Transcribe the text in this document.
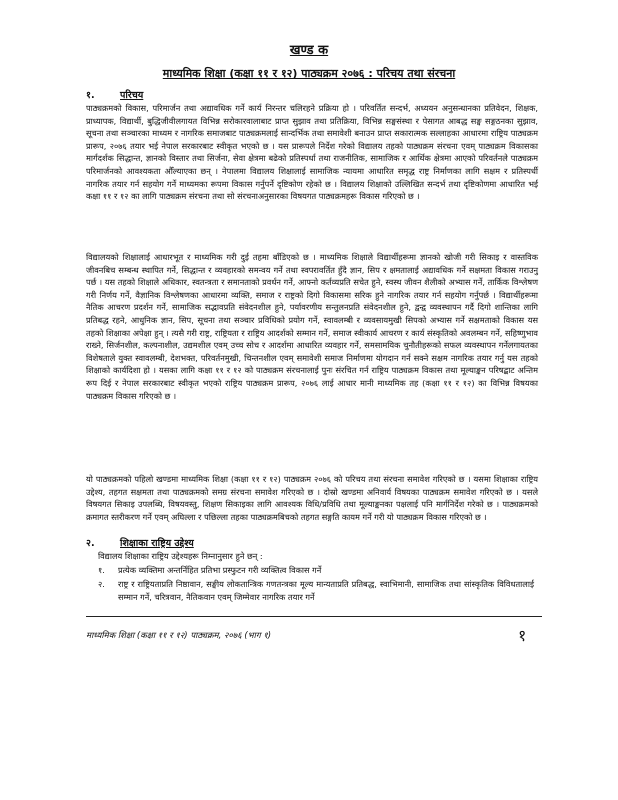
खण्ड क
माध्यमिक शिक्षा (कक्षा ११ र १२) पाठ्यक्रम २०७६ : परिचय तथा संरचना
१.	परिचय

पाठ्यक्रमको विकास, परिमार्जन तथा अद्यावधिक गर्ने कार्य निरन्तर चलिरहने प्रक्रिया हो । परिवर्तित सन्दर्भ, अध्ययन अनुसन्धानका प्रतिवेदन, शिक्षक, प्राध्यापक, विद्यार्थी, बुद्धिजीवीलगायत विभिन्न सरोकारवालाबाट प्राप्त सुझाव तथा प्रतिक्रिया, विभिन्न सङ्घसंस्था र पेसागत आबद्ध सङ्घ सङ्गठनका सुझाव, सूचना तथा सञ्चारका माध्यम र नागरिक समाजबाट पाठ्यक्रमलाई सान्दर्भिक तथा समावेशी बनाउन प्राप्त सकारात्मक सल्लाहका आधारमा राष्ट्रिय पाठ्यक्रम प्रारूप, २०७६ तयार भई नेपाल सरकारबाट स्वीकृत भएको छ । यस प्रारूपले निर्देश गरेको विद्यालय तहको पाठ्यक्रम संरचना एवम् पाठ्यक्रम विकासका मार्गदर्शक सिद्धान्त, ज्ञानको विस्तार तथा सिर्जना, सेवा क्षेत्रमा बढेको प्रतिस्पर्धा तथा राजनीतिक, सामाजिक र आर्थिक क्षेत्रमा आएको परिवर्तनले पाठ्यक्रम परिमार्जनको आवश्यकता औँल्याएका छन् । नेपालमा विद्यालय शिक्षालाई सामाजिक न्यायमा आधारित समृद्ध राष्ट्र निर्माणका लागि सक्षम र प्रतिस्पर्धी नागरिक तयार गर्न सहयोग गर्ने माध्यमका रूपमा विकास गर्नुपर्ने दृष्टिकोण रहेको छ । विद्यालय शिक्षाको उल्लिखित सन्दर्भ तथा दृष्टिकोणमा आधारित भई कक्षा ११ र १२ का लागि पाठ्यक्रम संरचना तथा सो संरचनाअनुसारका विषयगत पाठ्यक्रमहरू विकास गरिएको छ ।

विद्यालयको शिक्षालाई आधारभूत र माध्यमिक गरी दुई तहमा बाँडिएको छ । माध्यमिक शिक्षाले विद्यार्थीहरूमा ज्ञानको खोजी गरी सिकाइ र वास्तविक जीवनबिच सम्बन्ध स्थापित गर्ने, सिद्धान्त र व्यवहारको समन्वय गर्ने तथा स्वपरावर्तित हुँदै ज्ञान, सिप र क्षमतालाई अद्यावधिक गर्ने सक्षमता विकास गराउनु पर्छ । यस तहको शिक्षाले अधिकार, स्वतन्त्रता र समानताको प्रवर्धन गर्ने, आफ्नो कर्तव्यप्रति सचेत हुने, स्वस्थ जीवन शैलीको अभ्यास गर्ने, तार्किक विश्लेषण गरी निर्णय गर्ने, वैज्ञानिक विश्लेषणका आधारमा व्यक्ति, समाज र राष्ट्रको दिगो विकासमा सरिक हुने नागरिक तयार गर्न सहयोग गर्नुपर्छ । विद्यार्थीहरूमा नैतिक आचरण प्रदर्शन गर्ने, सामाजिक सद्भावप्रति संवेदनशील हुने, पर्यावरणीय सन्तुलनप्रति संवेदनशील हुने, द्वन्द्व व्यवस्थापन गर्दै दिगो शान्तिका लागि प्रतिबद्ध रहने, आधुनिक ज्ञान, सिप, सूचना तथा सञ्चार प्रविधिको प्रयोग गर्ने, स्वावलम्बी र व्यवसायमुखी सिपको अभ्यास गर्ने सक्षमताको विकास यस तहको शिक्षाका अपेक्षा हुन् । त्यसै गरी राष्ट्र, राष्ट्रियता र राष्ट्रिय आदर्शको सम्मान गर्ने, समाज स्वीकार्य आचरण र कार्य संस्कृतिको अवलम्बन गर्ने, सहिष्णुभाव राख्ने, सिर्जनशील, कल्पनाशील, उद्यमशील एवम् उच्च सोच र आदर्शमा आधारित व्यवहार गर्ने, समसामयिक चुनौतीहरूको सफल व्यवस्थापन गर्नेलगायतका विशेषताले युक्त स्वावलम्बी, देशभक्त, परिवर्तनमुखी, चिन्तनशील एवम् समावेशी समाज निर्माणमा योगदान गर्न सक्ने सक्षम नागरिक तयार गर्नु यस तहको शिक्षाको कार्यदिशा हो । यसका लागि कक्षा ११ र १२ को पाठ्यक्रम संरचनालाई पुनः संरचित गर्न राष्ट्रिय पाठ्यक्रम विकास तथा मूल्याङ्कन परिषद्बाट अन्तिम रूप दिई र नेपाल सरकारबाट स्वीकृत भएको राष्ट्रिय पाठ्यक्रम प्रारूप, २०७६ लाई आधार मानी माध्यमिक तह (कक्षा ११ र १२) का विभिन्न विषयका पाठ्यक्रम विकास गरिएको छ ।

यो पाठ्यक्रमको पहिलो खण्डमा माध्यमिक शिक्षा (कक्षा ११ र १२) पाठ्यक्रम २०७६ को परिचय तथा संरचना समावेश गरिएको छ । यसमा शिक्षाका राष्ट्रिय उद्देश्य, तहगत सक्षमता तथा पाठ्यक्रमको समग्र संरचना समावेश गरिएको छ । दोस्रो खण्डमा अनिवार्य विषयका पाठ्यक्रम समावेश गरिएको छ । यसले विषयगत सिकाइ उपलब्धि, विषयवस्तु, शिक्षण सिकाइका लागि आवश्यक विधि/प्रविधि तथा मूल्याङ्कनका पक्षलाई पनि मार्गनिर्देश गरेको छ । पाठ्यक्रमको क्रमागत स्तरीकरण गर्ने एवम् अघिल्ला र पछिल्ला तहका पाठ्यक्रमबिचको तहगत सङ्गति कायम गर्ने गरी यो पाठ्यक्रम विकास गरिएको छ ।

२.	शिक्षाका राष्ट्रिय उद्देश्य

विद्यालय शिक्षाका राष्ट्रिय उद्देश्यहरू निम्नानुसार हुने छन् :

१. प्रत्येक व्यक्तिमा अन्तर्निहित प्रतिभा प्रस्फुटन गरी व्यक्तित्व विकास गर्ने
२. राष्ट्र र राष्ट्रियताप्रति निष्ठावान, सङ्घीय लोकतान्त्रिक गणतन्त्रका मूल्य मान्यताप्रति प्रतिबद्ध, स्वाभिमानी, सामाजिक तथा सांस्कृतिक विविधतालाई सम्मान गर्ने, चरित्रवान, नैतिकवान एवम् जिम्मेवार नागरिक तयार गर्ने
माध्यमिक शिक्षा (कक्षा ११ र १२) पाठ्यक्रम, २०७६ (भाग १)	१
